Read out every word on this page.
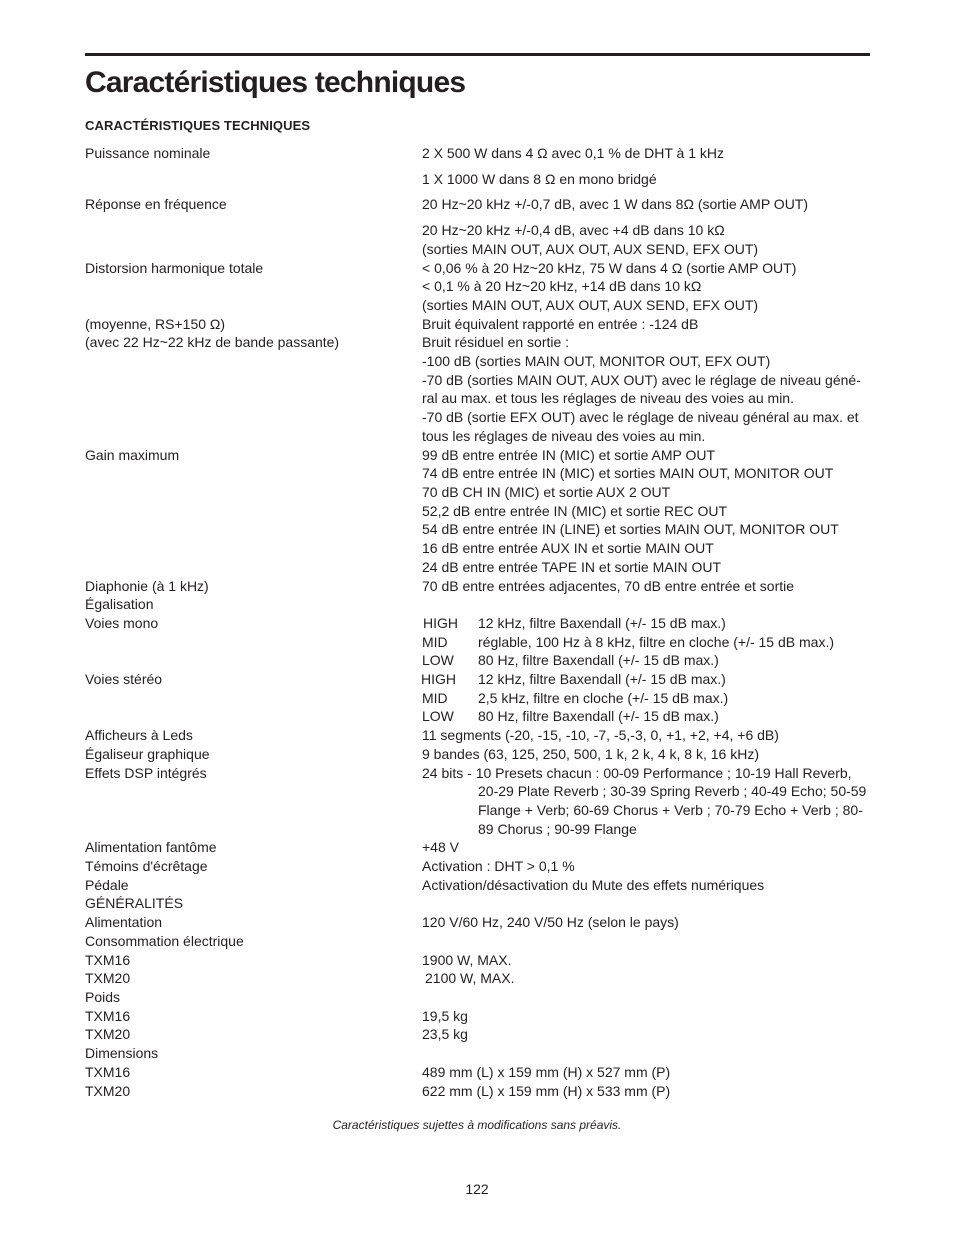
Caractéristiques techniques
CARACTÉRISTIQUES TECHNIQUES
Puissance nominale
Réponse en fréquence
Distorsion harmonique totale
(moyenne, RS+150 Ω)
(avec 22 Hz~22 kHz de bande passante)
Gain maximum
Diaphonie (à 1 kHz)
Égalisation
Voies mono
Voies stéréo
Afficheurs à Leds
Égaliseur graphique
Effets DSP intégrés
Alimentation fantôme
Témoins d'écrêtage
Pédale
GÉNÉRALITÉS
Alimentation
Consommation électrique
TXM16
TXM20
Poids
TXM16
TXM20
Dimensions
TXM16
TXM20
2 X 500 W dans 4 Ω avec 0,1 % de DHT à 1 kHz
1 X 1000 W dans 8 Ω en mono bridgé
20 Hz~20 kHz +/-0,7 dB, avec 1 W dans 8Ω (sortie AMP OUT)
20 Hz~20 kHz +/-0,4 dB, avec +4 dB dans 10 kΩ
(sorties MAIN OUT, AUX OUT, AUX SEND, EFX OUT)
< 0,06 % à 20 Hz~20 kHz, 75 W dans 4 Ω (sortie AMP OUT)
< 0,1 % à 20 Hz~20 kHz, +14 dB dans 10 kΩ
(sorties MAIN OUT, AUX OUT, AUX SEND, EFX OUT)
Bruit équivalent rapporté en entrée : -124 dB
Bruit résiduel en sortie :
-100 dB (sorties MAIN OUT, MONITOR OUT, EFX OUT)
-70 dB (sorties MAIN OUT, AUX OUT) avec le réglage de niveau géné-
ral au max. et tous les réglages de niveau des voies au min.
-70 dB (sortie EFX OUT) avec le réglage de niveau général au max. et
tous les réglages de niveau des voies au min.
99 dB entre entrée IN (MIC) et sortie AMP OUT
74 dB entre entrée IN (MIC) et sorties MAIN OUT, MONITOR OUT
70 dB CH IN (MIC) et sortie AUX 2 OUT
52,2 dB entre entrée IN (MIC) et sortie REC OUT
54 dB entre entrée IN (LINE) et sorties MAIN OUT, MONITOR OUT
16 dB entre entrée AUX IN et sortie MAIN OUT
24 dB entre entrée TAPE IN et sortie MAIN OUT
70 dB entre entrées adjacentes, 70 dB entre entrée et sortie
HIGH 12 kHz, filtre Baxendall (+/- 15 dB max.)
MID réglable, 100 Hz à 8 kHz, filtre en cloche (+/- 15 dB max.)
LOW 80 Hz, filtre Baxendall (+/- 15 dB max.)
HIGH 12 kHz, filtre Baxendall (+/- 15 dB max.)
MID 2,5 kHz, filtre en cloche (+/- 15 dB max.)
LOW 80 Hz, filtre Baxendall (+/- 15 dB max.)
11 segments (-20, -15, -10, -7, -5,-3, 0, +1, +2, +4, +6 dB)
9 bandes (63, 125, 250, 500, 1 k, 2 k, 4 k, 8 k, 16 kHz)
24 bits - 10 Presets chacun : 00-09 Performance ; 10-19 Hall Reverb,
20-29 Plate Reverb ; 30-39 Spring Reverb ; 40-49 Echo; 50-59
Flange + Verb; 60-69 Chorus + Verb ; 70-79 Echo + Verb ; 80-
89 Chorus ; 90-99 Flange
+48 V
Activation : DHT > 0,1 %
Activation/désactivation du Mute des effets numériques
120 V/60 Hz, 240 V/50 Hz (selon le pays)
1900 W, MAX.
2100 W, MAX.
19,5 kg
23,5 kg
489 mm (L) x 159 mm (H) x 527 mm (P)
622 mm (L) x 159 mm (H) x 533 mm (P)
Caractéristiques sujettes à modifications sans préavis.
122
